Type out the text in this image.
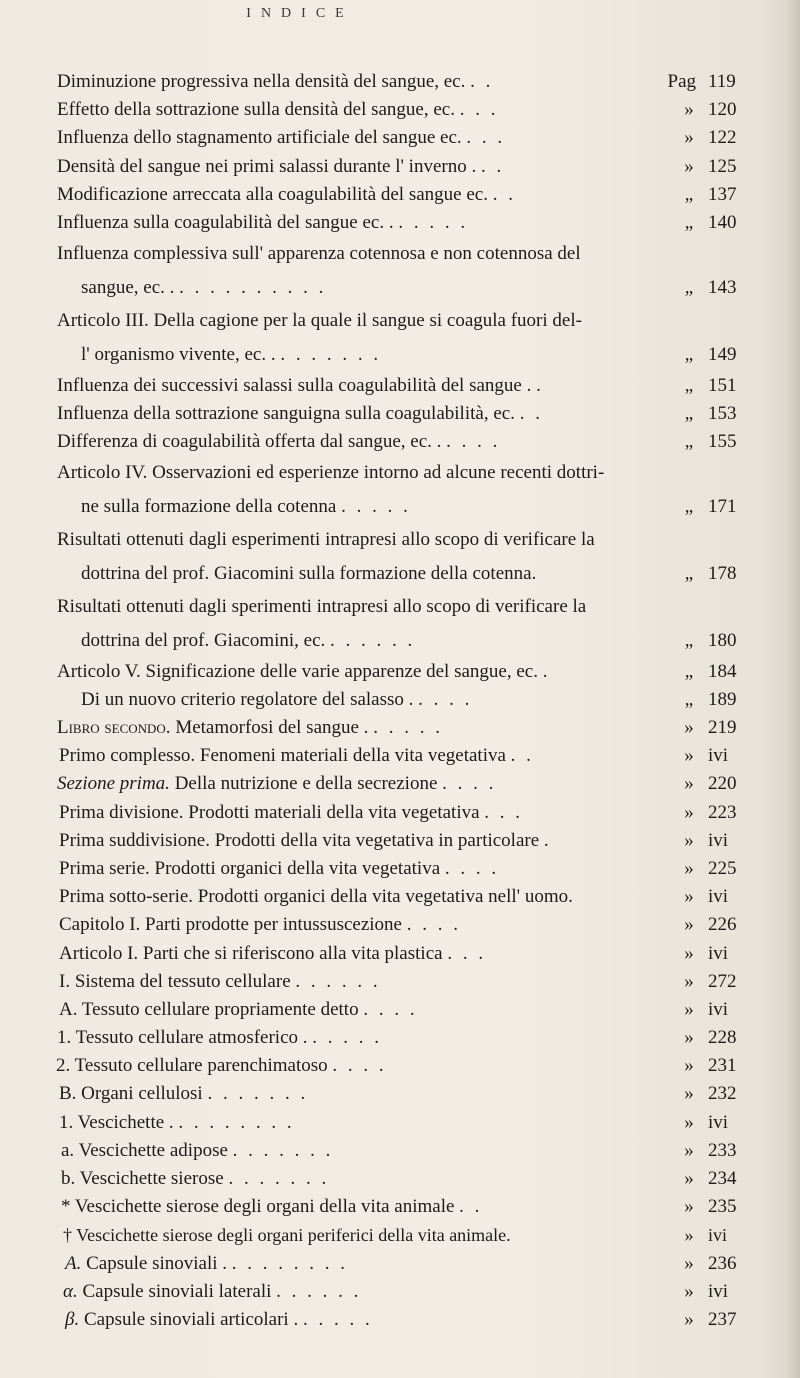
INDICE
Diminuzione progressiva nella densità del sangue, ec. . .	Pag 119
Effetto della sottrazione sulla densità del sangue, ec. . . .	» 120
Influenza dello stagnamento artificiale del sangue ec. . . .	» 122
Densità del sangue nei primi salassi durante l' inverno . . .	» 125
Modificazione arreccata alla coagulabilità del sangue ec. . .	„ 137
Influenza sulla coagulabilità del sangue ec. . . . . . .	„ 140
Influenza complessiva sull' apparenza cotennosa e non cotennosa del
sangue, ec. . . . . . . . . . . .	„ 143
Articolo III. Della cagione per la quale il sangue si coagula fuori del-
l' organismo vivente, ec. . . . . . . . .	„ 149
Influenza dei successivi salassi sulla coagulabilità del sangue . .	„ 151
Influenza della sottrazione sanguigna sulla coagulabilità, ec. . .	„ 153
Differenza di coagulabilità offerta dal sangue, ec. . . . . .	„ 155
Articolo IV. Osservazioni ed esperienze intorno ad alcune recenti dottri-
ne sulla formazione della cotenna . . . . .	„ 171
Risultati ottenuti dagli esperimenti intrapresi allo scopo di verificare la
dottrina del prof. Giacomini sulla formazione della cotenna.	„ 178
Risultati ottenuti dagli sperimenti intrapresi allo scopo di verificare la
dottrina del prof. Giacomini, ec. . . . . . .	„ 180
Articolo V. Significazione delle varie apparenze del sangue, ec. .	„ 184
Di un nuovo criterio regolatore del salasso . . . . .	„ 189
Libro secondo. Metamorfosi del sangue . . . . . .	» 219
Primo complesso. Fenomeni materiali della vita vegetativa . .	» ivi
Sezione prima. Della nutrizione e della secrezione . . . .	» 220
Prima divisione. Prodotti materiali della vita vegetativa . . .	» 223
Prima suddivisione. Prodotti della vita vegetativa in particolare .	» ivi
Prima serie. Prodotti organici della vita vegetativa . . . .	» 225
Prima sotto-serie. Prodotti organici della vita vegetativa nell' uomo.	» ivi
Capitolo I. Parti prodotte per intussuscezione . . . .	» 226
Articolo I. Parti che si riferiscono alla vita plastica . . .	» ivi
I. Sistema del tessuto cellulare . . . . . .	» 272
A. Tessuto cellulare propriamente detto . . . .	» ivi
1. Tessuto cellulare atmosferico . . . . . .	» 228
2. Tessuto cellulare parenchimatoso . . . .	» 231
B. Organi cellulosi . . . . . . .	» 232
1. Vescichette . . . . . . . . .	» ivi
a. Vescichette adipose . . . . . . .	» 233
b. Vescichette sierose . . . . . . .	» 234
* Vescichette sierose degli organi della vita animale . .	» 235
† Vescichette sierose degli organi periferici della vita animale.	» ivi
A. Capsule sinoviali . . . . . . . . .	» 236
α. Capsule sinoviali laterali . . . . . .	» ivi
β. Capsule sinoviali articolari . . . . . .	» 237
